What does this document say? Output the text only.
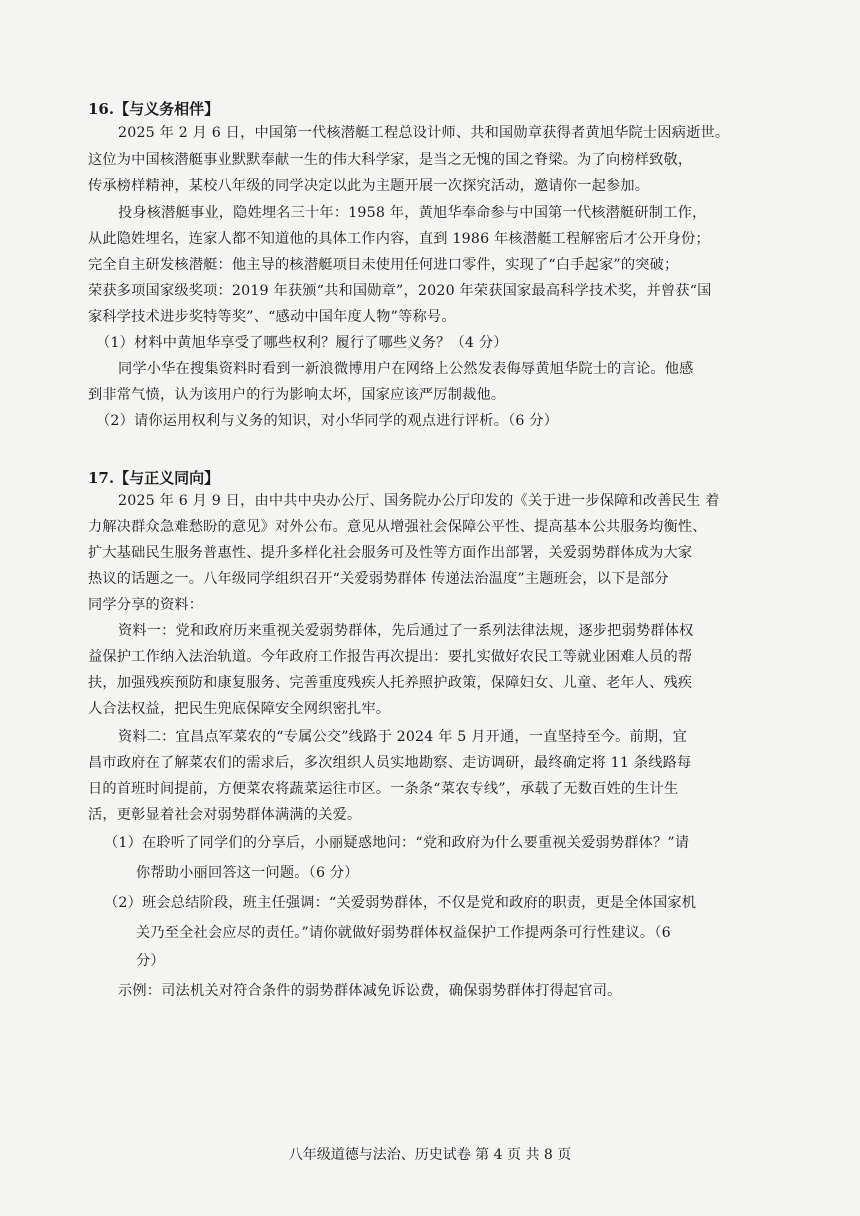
16.【与义务相伴】
2025 年 2 月 6 日，中国第一代核潜艇工程总设计师、共和国勋章获得者黄旭华院士因病逝世。
这位为中国核潜艇事业默默奉献一生的伟大科学家，是当之无愧的国之脊梁。为了向榜样致敬，
传承榜样精神，某校八年级的同学决定以此为主题开展一次探究活动，邀请你一起参加。
投身核潜艇事业，隐姓埋名三十年：1958 年，黄旭华奉命参与中国第一代核潜艇研制工作，
从此隐姓埋名，连家人都不知道他的具体工作内容，直到 1986 年核潜艇工程解密后才公开身份；
完全自主研发核潜艇：他主导的核潜艇项目未使用任何进口零件，实现了“白手起家”的突破；
荣获多项国家级奖项：2019 年获颁“共和国勋章”，2020 年荣获国家最高科学技术奖，并曾获“国
家科学技术进步奖特等奖”、“感动中国年度人物”等称号。
（1）材料中黄旭华享受了哪些权利？履行了哪些义务？（4 分）
同学小华在搜集资料时看到一新浪微博用户在网络上公然发表侮辱黄旭华院士的言论。他感
到非常气愤，认为该用户的行为影响太坏，国家应该严厉制裁他。
（2）请你运用权利与义务的知识，对小华同学的观点进行评析。（6 分）
17.【与正义同向】
2025 年 6 月 9 日，由中共中央办公厅、国务院办公厅印发的《关于进一步保障和改善民生 着
力解决群众急难愁盼的意见》对外公布。意见从增强社会保障公平性、提高基本公共服务均衡性、
扩大基础民生服务普惠性、提升多样化社会服务可及性等方面作出部署，关爱弱势群体成为大家
热议的话题之一。八年级同学组织召开“关爱弱势群体 传递法治温度”主题班会，以下是部分
同学分享的资料：
资料一：党和政府历来重视关爱弱势群体，先后通过了一系列法律法规，逐步把弱势群体权
益保护工作纳入法治轨道。今年政府工作报告再次提出：要扎实做好农民工等就业困难人员的帮
扶，加强残疾预防和康复服务、完善重度残疾人托养照护政策，保障妇女、儿童、老年人、残疾
人合法权益，把民生兜底保障安全网织密扎牢。
资料二：宜昌点军菜农的“专属公交”线路于 2024 年 5 月开通，一直坚持至今。前期，宜
昌市政府在了解菜农们的需求后，多次组织人员实地勘察、走访调研，最终确定将 11 条线路每
日的首班时间提前，方便菜农将蔬菜运往市区。一条条“菜农专线”，承载了无数百姓的生计生
活，更彰显着社会对弱势群体满满的关爱。
（1）在聆听了同学们的分享后，小丽疑惑地问：“党和政府为什么要重视关爱弱势群体？”请
你帮助小丽回答这一问题。（6 分）
（2）班会总结阶段，班主任强调：“关爱弱势群体，不仅是党和政府的职责，更是全体国家机
关乃至全社会应尽的责任。”请你就做好弱势群体权益保护工作提两条可行性建议。（6
分）
示例：司法机关对符合条件的弱势群体减免诉讼费，确保弱势群体打得起官司。
八年级道德与法治、历史试卷 第 4 页 共 8 页
